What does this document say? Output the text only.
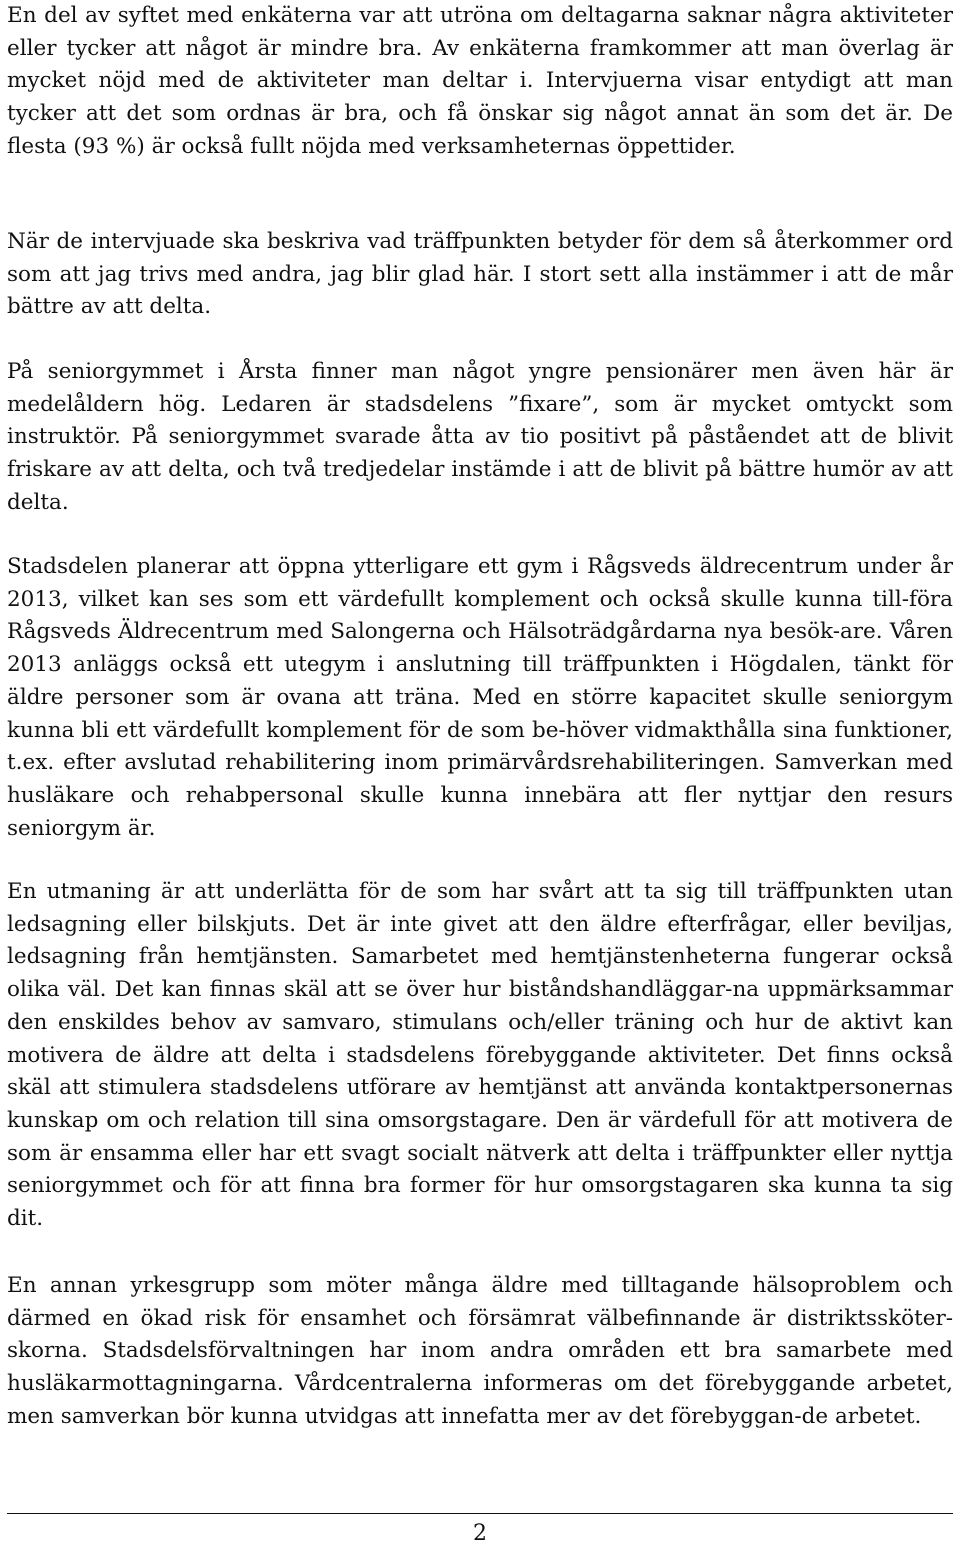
En del av syftet med enkäterna var att utröna om deltagarna saknar några aktiviteter eller tycker att något är mindre bra. Av enkäterna framkommer att man överlag är mycket nöjd med de aktiviteter man deltar i. Intervjuerna visar entydigt att man tycker att det som ordnas är bra, och få önskar sig något annat än som det är. De flesta (93 %) är också fullt nöjda med verksamheternas öppettider.

När de intervjuade ska beskriva vad träffpunkten betyder för dem så återkommer ord som att jag trivs med andra, jag blir glad här. I stort sett alla instämmer i att de mår bättre av att delta.

På seniorgymmet i Årsta finner man något yngre pensionärer men även här är medelåldern hög. Ledaren är stadsdelens ”fixare”, som är mycket omtyckt som instruktör. På seniorgymmet svarade åtta av tio positivt på påståendet att de blivit friskare av att delta, och två tredjedelar instämde i att de blivit på bättre humör av att delta.

Stadsdelen planerar att öppna ytterligare ett gym i Rågsveds äldrecentrum under år 2013, vilket kan ses som ett värdefullt komplement och också skulle kunna till-föra Rågsveds Äldrecentrum med Salongerna och Hälsoträdgårdarna nya besök-are. Våren 2013 anläggs också ett utegym i anslutning till träffpunkten i Högdalen, tänkt för äldre personer som är ovana att träna. Med en större kapacitet skulle seniorgym kunna bli ett värdefullt komplement för de som be-höver vidmakthålla sina funktioner, t.ex. efter avslutad rehabilitering inom primärvårdsrehabiliteringen. Samverkan med husläkare och rehabpersonal skulle kunna innebära att fler nyttjar den resurs seniorgym är.

En utmaning är att underlätta för de som har svårt att ta sig till träffpunkten utan ledsagning eller bilskjuts. Det är inte givet att den äldre efterfrågar, eller beviljas, ledsagning från hemtjänsten. Samarbetet med hemtjänstenheterna fungerar också olika väl. Det kan finnas skäl att se över hur biståndshandläggar-na uppmärksammar den enskildes behov av samvaro, stimulans och/eller träning och hur de aktivt kan motivera de äldre att delta i stadsdelens förebyggande aktiviteter. Det finns också skäl att stimulera stadsdelens utförare av hemtjänst att använda kontaktpersonernas kunskap om och relation till sina omsorgstagare. Den är värdefull för att motivera de som är ensamma eller har ett svagt socialt nätverk att delta i träffpunkter eller nyttja seniorgymmet och för att finna bra former för hur omsorgstagaren ska kunna ta sig dit.

En annan yrkesgrupp som möter många äldre med tilltagande hälsoproblem och därmed en ökad risk för ensamhet och försämrat välbefinnande är distriktssköter-skorna. Stadsdelsförvaltningen har inom andra områden ett bra samarbete med husläkarmottagningarna. Vårdcentralerna informeras om det förebyggande arbetet, men samverkan bör kunna utvidgas att innefatta mer av det förebyggan-de arbetet.

2
